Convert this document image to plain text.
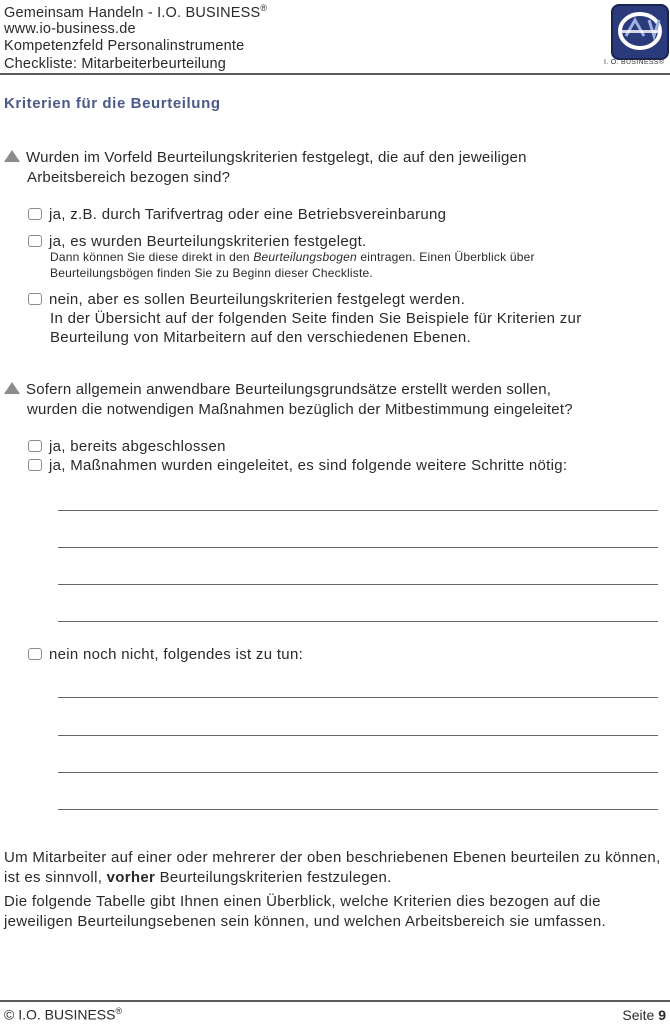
Gemeinsam Handeln - I.O. BUSINESS®
www.io-business.de
Kompetenzfeld Personalinstrumente
Checkliste: Mitarbeiterbeurteilung	I. O. BUSINESS®
Kriterien für die Beurteilung
Wurden im Vorfeld Beurteilungskriterien festgelegt, die auf den jeweiligen
Arbeitsbereich bezogen sind?
ja, z.B. durch Tarifvertrag oder eine Betriebsvereinbarung
ja, es wurden Beurteilungskriterien festgelegt.
Dann können Sie diese direkt in den Beurteilungsbogen eintragen. Einen Überblick über
Beurteilungsbögen finden Sie zu Beginn dieser Checkliste.
nein, aber es sollen Beurteilungskriterien festgelegt werden.
In der Übersicht auf der folgenden Seite finden Sie Beispiele für Kriterien zur
Beurteilung von Mitarbeitern auf den verschiedenen Ebenen.
Sofern allgemein anwendbare Beurteilungsgrundsätze erstellt werden sollen,
wurden die notwendigen Maßnahmen bezüglich der Mitbestimmung eingeleitet?
ja, bereits abgeschlossen
ja, Maßnahmen wurden eingeleitet, es sind folgende weitere Schritte nötig:
nein noch nicht, folgendes ist zu tun:
Um Mitarbeiter auf einer oder mehrerer der oben beschriebenen Ebenen beurteilen zu können, ist es sinnvoll, vorher Beurteilungskriterien festzulegen.
Die folgende Tabelle gibt Ihnen einen Überblick, welche Kriterien dies bezogen auf die jeweiligen Beurteilungsebenen sein können, und welchen Arbeitsbereich sie umfassen.
© I.O. BUSINESS®	Seite 9
